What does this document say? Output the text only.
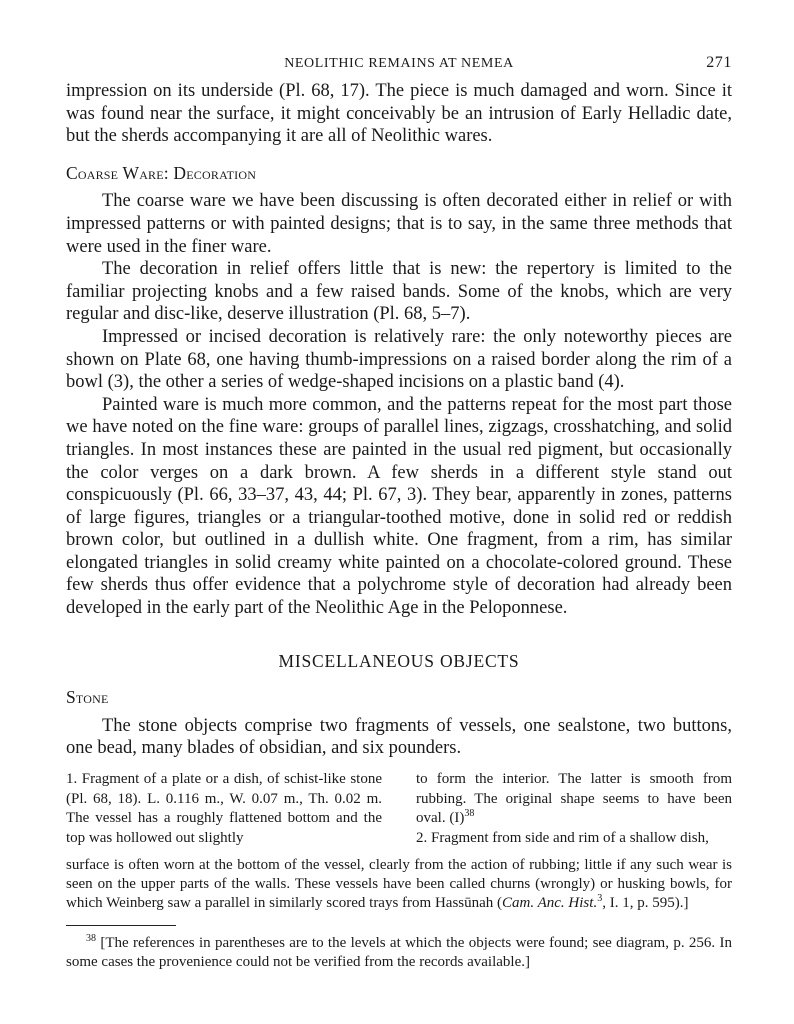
NEOLITHIC REMAINS AT NEMEA	271

impression on its underside (Pl. 68, 17). The piece is much damaged and worn. Since it was found near the surface, it might conceivably be an intrusion of Early Helladic date, but the sherds accompanying it are all of Neolithic wares.

Coarse Ware: Decoration

The coarse ware we have been discussing is often decorated either in relief or with impressed patterns or with painted designs; that is to say, in the same three methods that were used in the finer ware.

The decoration in relief offers little that is new: the repertory is limited to the familiar projecting knobs and a few raised bands. Some of the knobs, which are very regular and disc-like, deserve illustration (Pl. 68, 5–7).

Impressed or incised decoration is relatively rare: the only noteworthy pieces are shown on Plate 68, one having thumb-impressions on a raised border along the rim of a bowl (3), the other a series of wedge-shaped incisions on a plastic band (4).

Painted ware is much more common, and the patterns repeat for the most part those we have noted on the fine ware: groups of parallel lines, zigzags, crosshatching, and solid triangles. In most instances these are painted in the usual red pigment, but occasionally the color verges on a dark brown. A few sherds in a different style stand out conspicuously (Pl. 66, 33–37, 43, 44; Pl. 67, 3). They bear, apparently in zones, patterns of large figures, triangles or a triangular-toothed motive, done in solid red or reddish brown color, but outlined in a dullish white. One fragment, from a rim, has similar elongated triangles in solid creamy white painted on a chocolate-colored ground. These few sherds thus offer evidence that a polychrome style of decoration had already been developed in the early part of the Neolithic Age in the Peloponnese.

MISCELLANEOUS OBJECTS
Stone

The stone objects comprise two fragments of vessels, one sealstone, two buttons, one bead, many blades of obsidian, and six pounders.

1. Fragment of a plate or a dish, of schist-like stone (Pl. 68, 18). L. 0.116 m., W. 0.07 m., Th. 0.02 m. The vessel has a roughly flattened bottom and the top was hollowed out slightly

to form the interior. The latter is smooth from rubbing. The original shape seems to have been oval. $(I)^{38}$

2. Fragment from side and rim of a shallow dish,

surface is often worn at the bottom of the vessel, clearly from the action of rubbing; little if any such wear is seen on the upper parts of the walls. These vessels have been called churns (wrongly) or husking bowls, for which Weinberg saw a parallel in similarly scored trays from Hassūnah (Cam. Anc. Hist.$^3$, I. 1, p. 595).]

$^{38}$ [The references in parentheses are to the levels at which the objects were found; see diagram, p. 256. In some cases the provenience could not be verified from the records available.]
